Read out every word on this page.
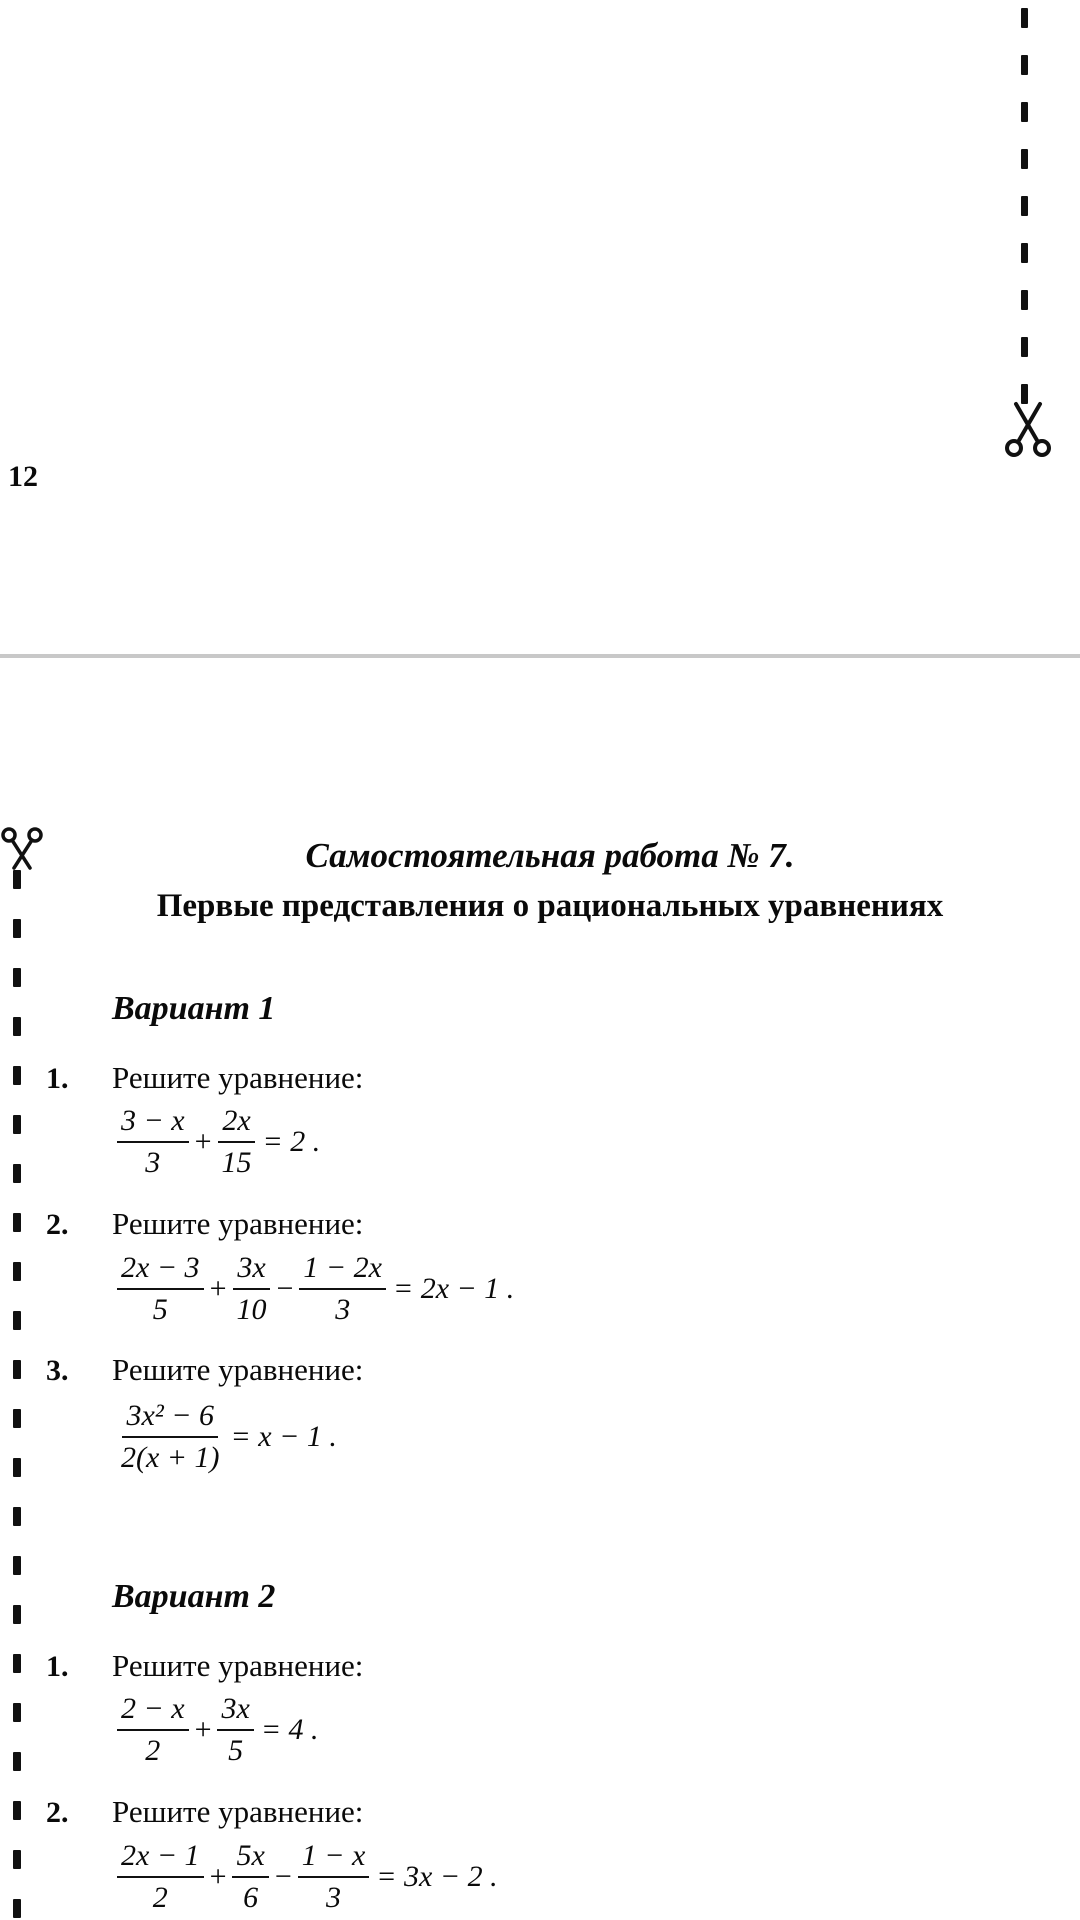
12
Самостоятельная работа № 7.
Первые представления о рациональных уравнениях
Вариант 1
1. Решите уравнение:
$\frac{3 - x}{3} + \frac{2x}{15} = 2$ .
2. Решите уравнение:
$\frac{2x - 3}{5} + \frac{3x}{10} - \frac{1 - 2x}{3} = 2x - 1$ .
3. Решите уравнение:
$\frac{\text{3x² − 6}}{2(x + 1)} = x - 1$ .
Вариант 2
1. Решите уравнение:
$\frac{2 - x}{2} + \frac{3x}{5} = 4$ .
2. Решите уравнение:
$\frac{2x - 1}{2} + \frac{5x}{6} - \frac{1 - x}{3} = 3x - 2$ .
